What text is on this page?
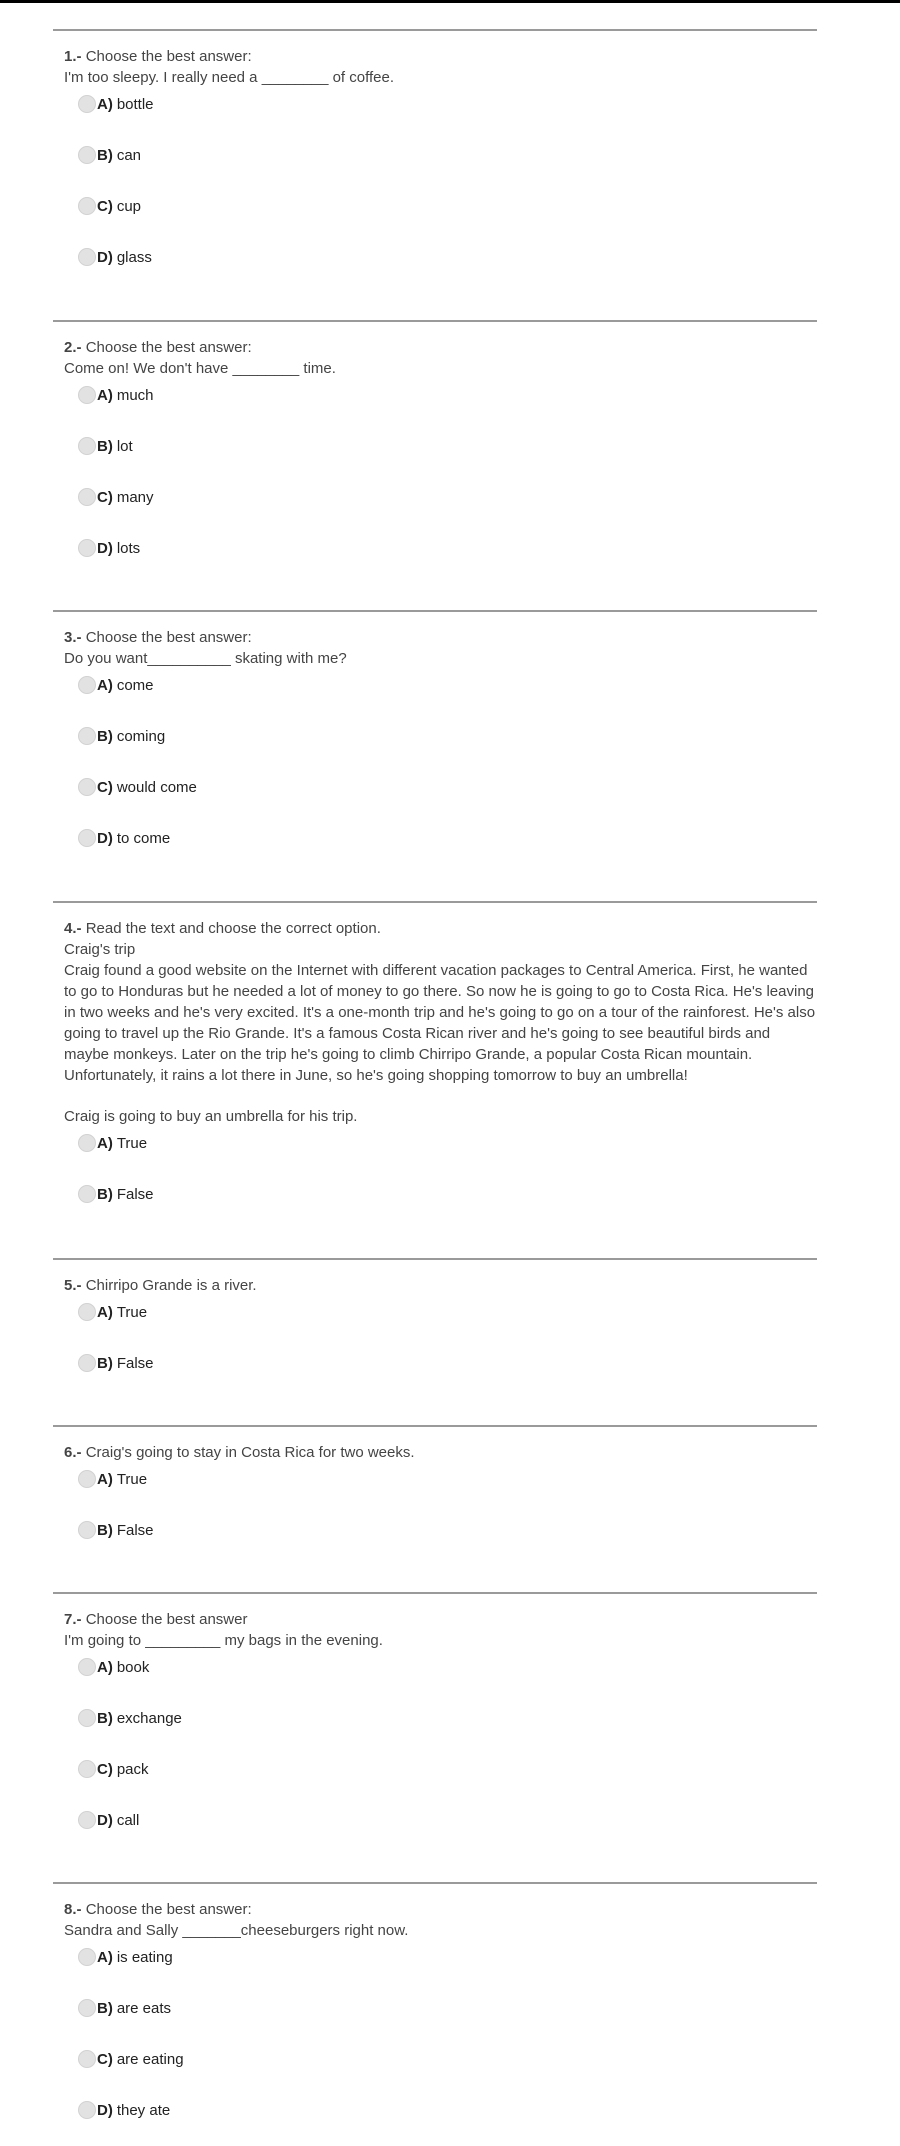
1.- Choose the best answer:
I'm too sleepy. I really need a ________ of coffee.
A) bottle
B) can
C) cup
D) glass
2.- Choose the best answer:
Come on! We don't have ________ time.
A) much
B) lot
C) many
D) lots
3.- Choose the best answer:
Do you want__________ skating with me?
A) come
B) coming
C) would come
D) to come
4.- Read the text and choose the correct option.
Craig's trip

Craig found a good website on the Internet with different vacation packages to Central America. First, he wanted to go to Honduras but he needed a lot of money to go there. So now he is going to go to Costa Rica. He's leaving in two weeks and he's very excited. It's a one-month trip and he's going to go on a tour of the rainforest. He's also going to travel up the Rio Grande. It's a famous Costa Rican river and he's going to see beautiful birds and maybe monkeys. Later on the trip he's going to climb Chirripo Grande, a popular Costa Rican mountain. Unfortunately, it rains a lot there in June, so he's going shopping tomorrow to buy an umbrella!

Craig is going to buy an umbrella for his trip.
A) True
B) False
5.- Chirripo Grande is a river.
A) True
B) False
6.- Craig's going to stay in Costa Rica for two weeks.
A) True
B) False
7.- Choose the best answer
I'm going to _________ my bags in the evening.
A) book
B) exchange
C) pack
D) call
8.- Choose the best answer:
Sandra and Sally _______cheeseburgers right now.
A) is eating
B) are eats
C) are eating
D) they ate
